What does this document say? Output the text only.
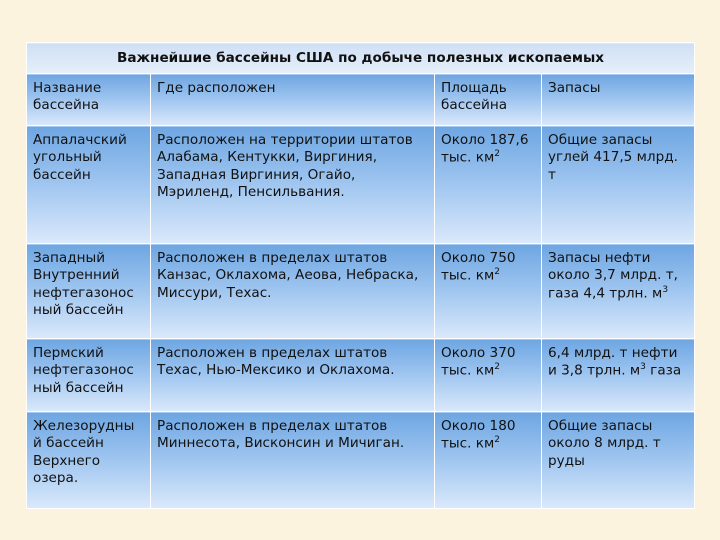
Важнейшие бассейны США по добыче полезных ископаемых			
Название бассейна	Где расположен	Площадь бассейна	Запасы
Аппалачский угольный бассейн	Расположен на территории штатов Алабама, Кентукки, Виргиния, Западная Виргиния, Огайо, Мэриленд, Пенсильвания.	Около 187,6 тыс. $км^2$	Общие запасы углей 417,5 млрд. т
Западный Внутренний нефтегазонос ный бассейн	Расположен в пределах штатов Канзас, Оклахома, Аеова, Небраска, Миссури, Техас.	Около 750 тыс. $км^2$	Запасы нефти около 3,7 млрд. т, газа 4,4 трлн. $м^3$
Пермский нефтегазонос ный бассейн	Расположен в пределах штатов Техас, Нью-Мексико и Оклахома.	Около 370 тыс. $км^2$	6,4 млрд. т нефти и 3,8 трлн. $м^3$ газа
Железорудны й бассейн Верхнего озера.	Расположен в пределах штатов Миннесота, Висконсин и Мичиган.	Около 180 тыс. $км^2$	Общие запасы около 8 млрд. т руды
